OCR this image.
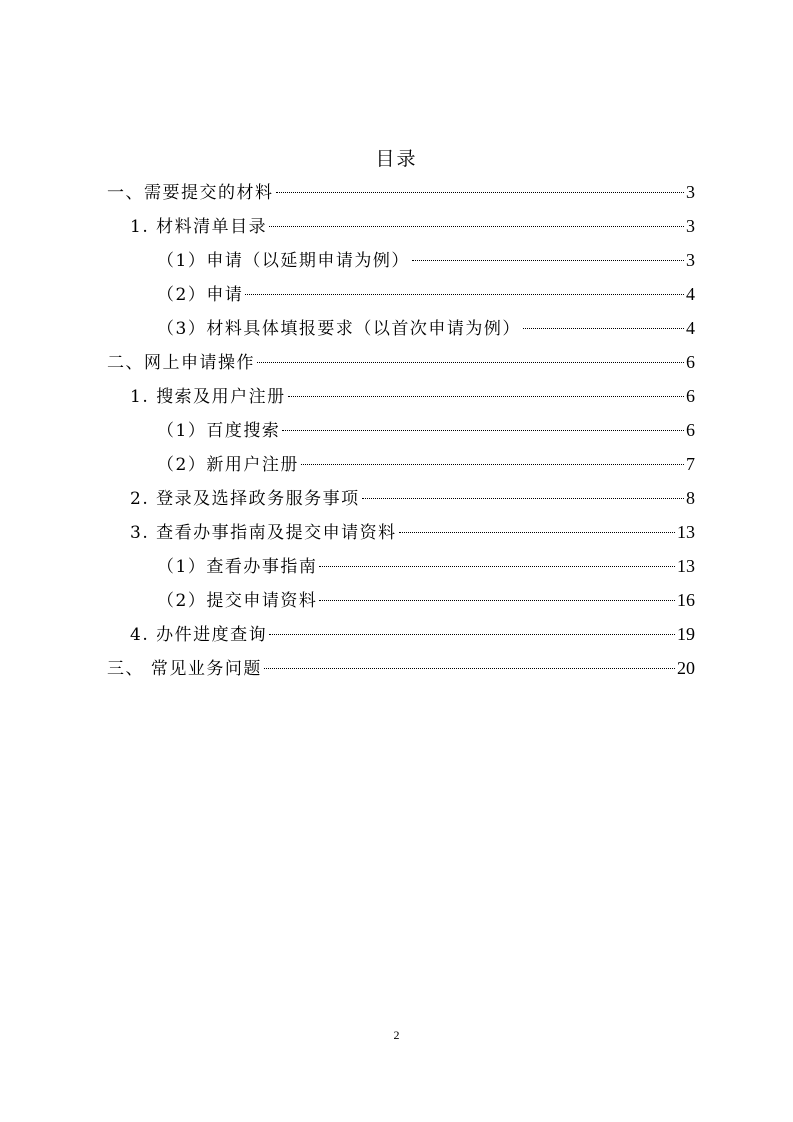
目录
一、需要提交的材料	3
1. 材料清单目录	3
（1）申请（以延期申请为例）	3
（2）申请	4
（3）材料具体填报要求（以首次申请为例）	4
二、网上申请操作	6
1. 搜索及用户注册	6
（1）百度搜索	6
（2）新用户注册	7
2. 登录及选择政务服务事项	8
3. 查看办事指南及提交申请资料	13
（1）查看办事指南	13
（2）提交申请资料	16
4. 办件进度查询	19
三、 常见业务问题	20
2
